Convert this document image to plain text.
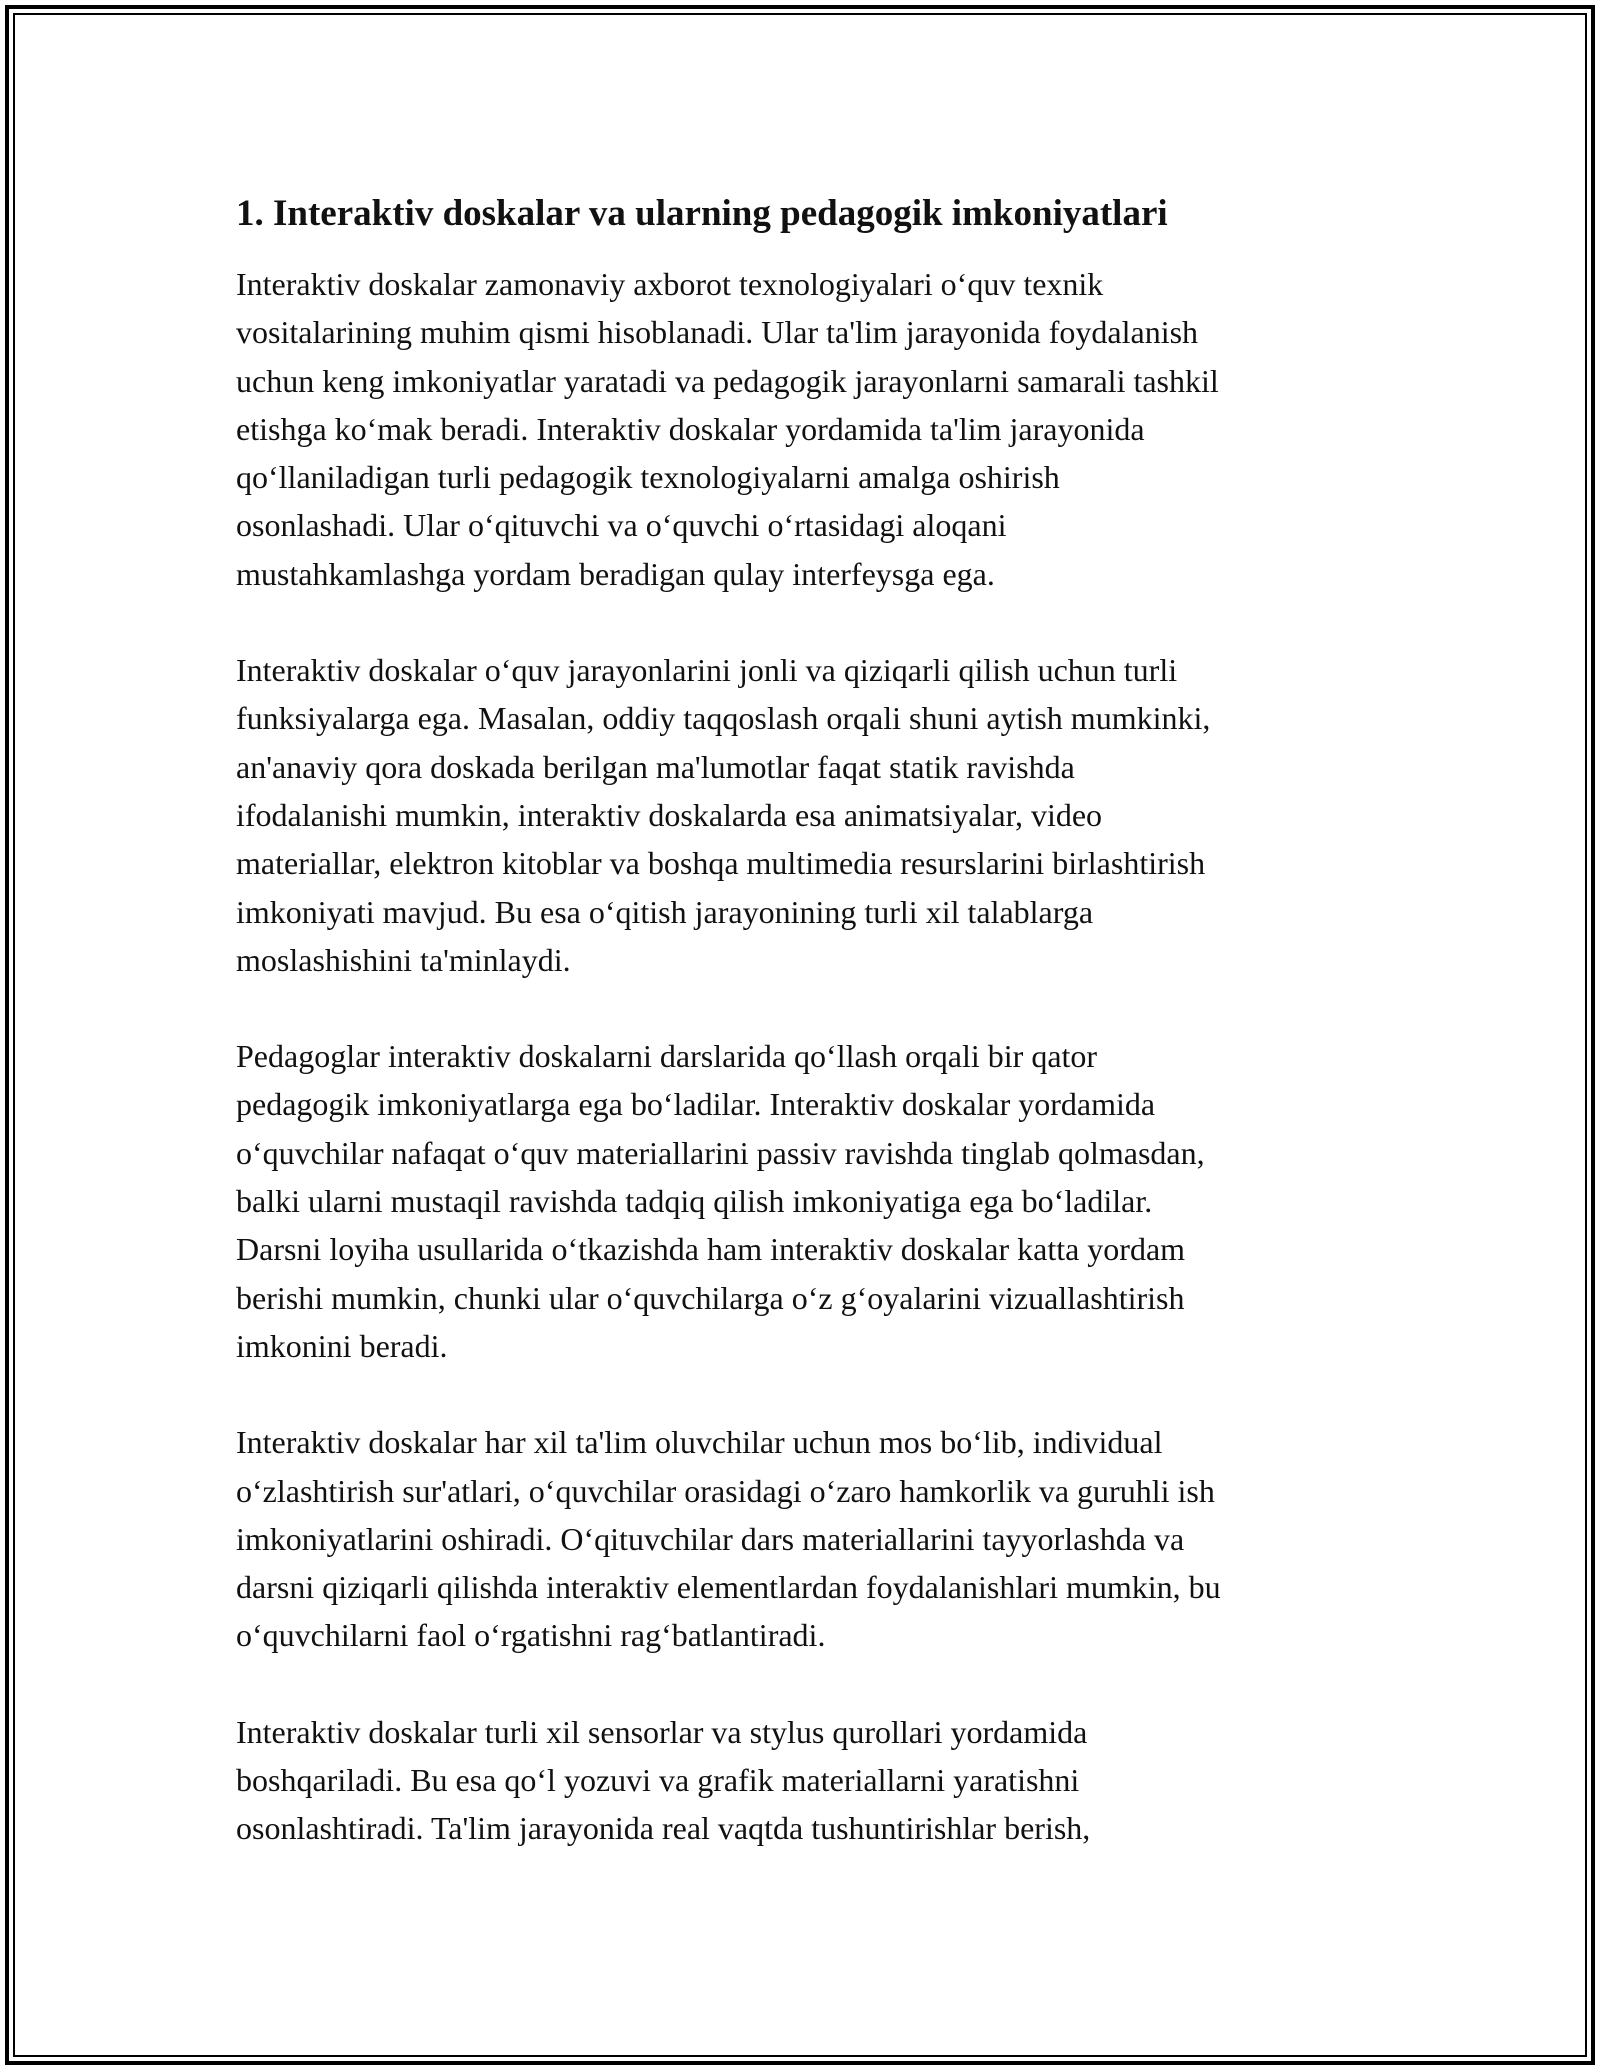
1. Interaktiv doskalar va ularning pedagogik imkoniyatlari
Interaktiv doskalar zamonaviy axborot texnologiyalari o‘quv texnik
vositalarining muhim qismi hisoblanadi. Ular ta'lim jarayonida foydalanish
uchun keng imkoniyatlar yaratadi va pedagogik jarayonlarni samarali tashkil
etishga ko‘mak beradi. Interaktiv doskalar yordamida ta'lim jarayonida
qo‘llaniladigan turli pedagogik texnologiyalarni amalga oshirish
osonlashadi. Ular o‘qituvchi va o‘quvchi o‘rtasidagi aloqani
mustahkamlashga yordam beradigan qulay interfeysga ega.
Interaktiv doskalar o‘quv jarayonlarini jonli va qiziqarli qilish uchun turli
funksiyalarga ega. Masalan, oddiy taqqoslash orqali shuni aytish mumkinki,
an'anaviy qora doskada berilgan ma'lumotlar faqat statik ravishda
ifodalanishi mumkin, interaktiv doskalarda esa animatsiyalar, video
materiallar, elektron kitoblar va boshqa multimedia resurslarini birlashtirish
imkoniyati mavjud. Bu esa o‘qitish jarayonining turli xil talablarga
moslashishini ta'minlaydi.
Pedagoglar interaktiv doskalarni darslarida qo‘llash orqali bir qator
pedagogik imkoniyatlarga ega bo‘ladilar. Interaktiv doskalar yordamida
o‘quvchilar nafaqat o‘quv materiallarini passiv ravishda tinglab qolmasdan,
balki ularni mustaqil ravishda tadqiq qilish imkoniyatiga ega bo‘ladilar.
Darsni loyiha usullarida o‘tkazishda ham interaktiv doskalar katta yordam
berishi mumkin, chunki ular o‘quvchilarga o‘z g‘oyalarini vizuallashtirish
imkonini beradi.
Interaktiv doskalar har xil ta'lim oluvchilar uchun mos bo‘lib, individual
o‘zlashtirish sur'atlari, o‘quvchilar orasidagi o‘zaro hamkorlik va guruhli ish
imkoniyatlarini oshiradi. O‘qituvchilar dars materiallarini tayyorlashda va
darsni qiziqarli qilishda interaktiv elementlardan foydalanishlari mumkin, bu
o‘quvchilarni faol o‘rgatishni rag‘batlantiradi.
Interaktiv doskalar turli xil sensorlar va stylus qurollari yordamida
boshqariladi. Bu esa qo‘l yozuvi va grafik materiallarni yaratishni
osonlashtiradi. Ta'lim jarayonida real vaqtda tushuntirishlar berish,
